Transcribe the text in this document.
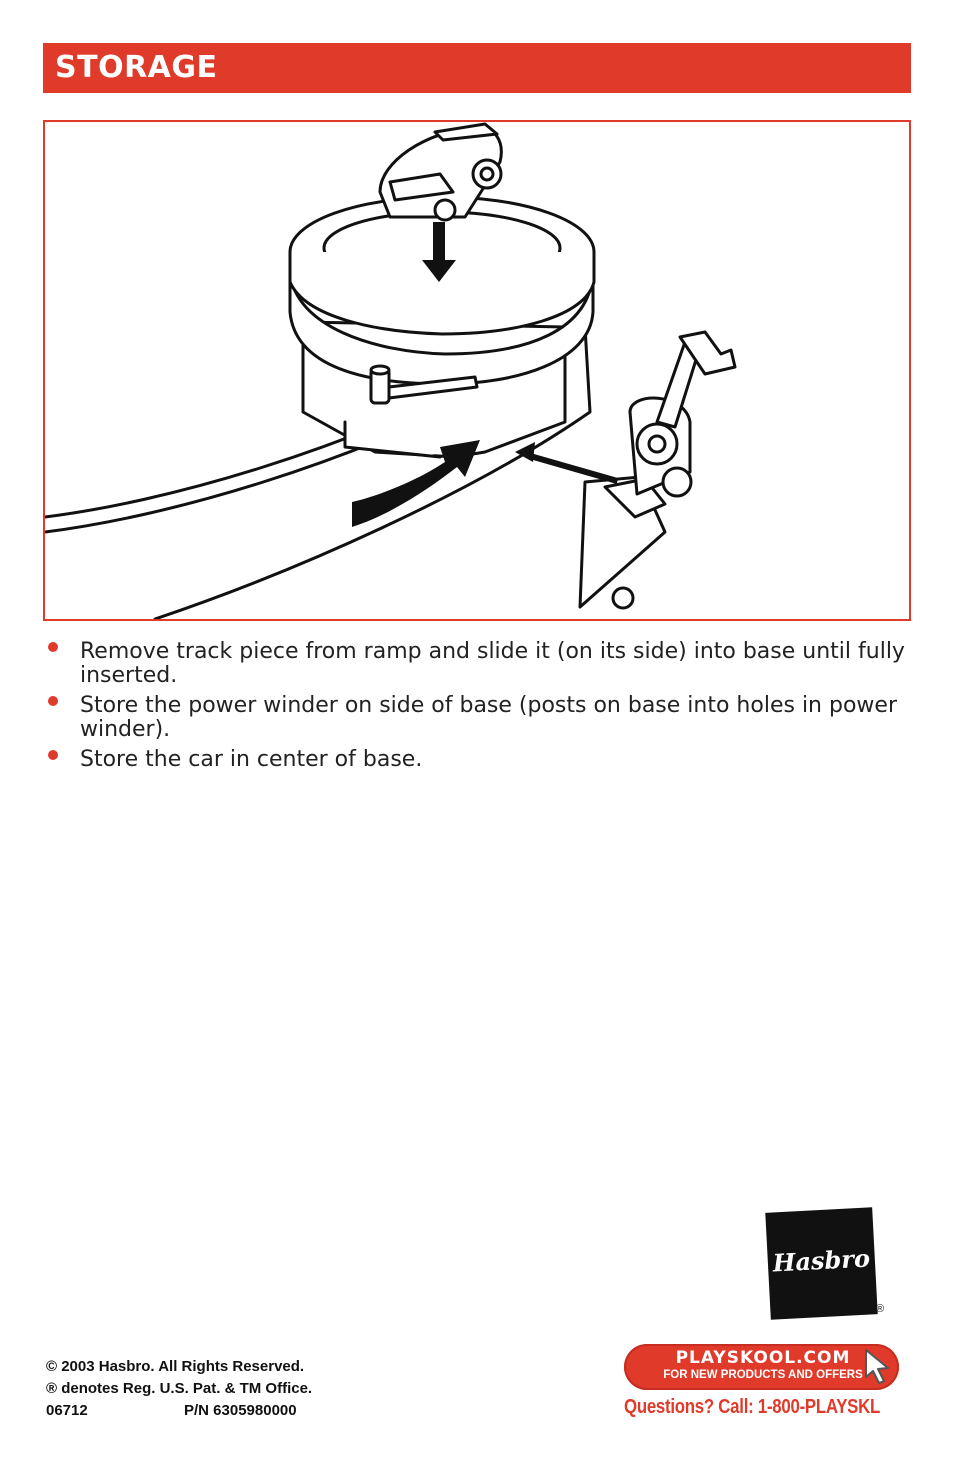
STORAGE
Remove track piece from ramp and slide it (on its side) into base until fully inserted.
Store the power winder on side of base (posts on base into holes in power winder).
Store the car in center of base.
Hasbro
®
© 2003 Hasbro. All Rights Reserved.
® denotes Reg. U.S. Pat. & TM Office.
06712	P/N 6305980000
PLAYSKOOL.COM
FOR NEW PRODUCTS AND OFFERS
Questions? Call: 1-800-PLAYSKL
